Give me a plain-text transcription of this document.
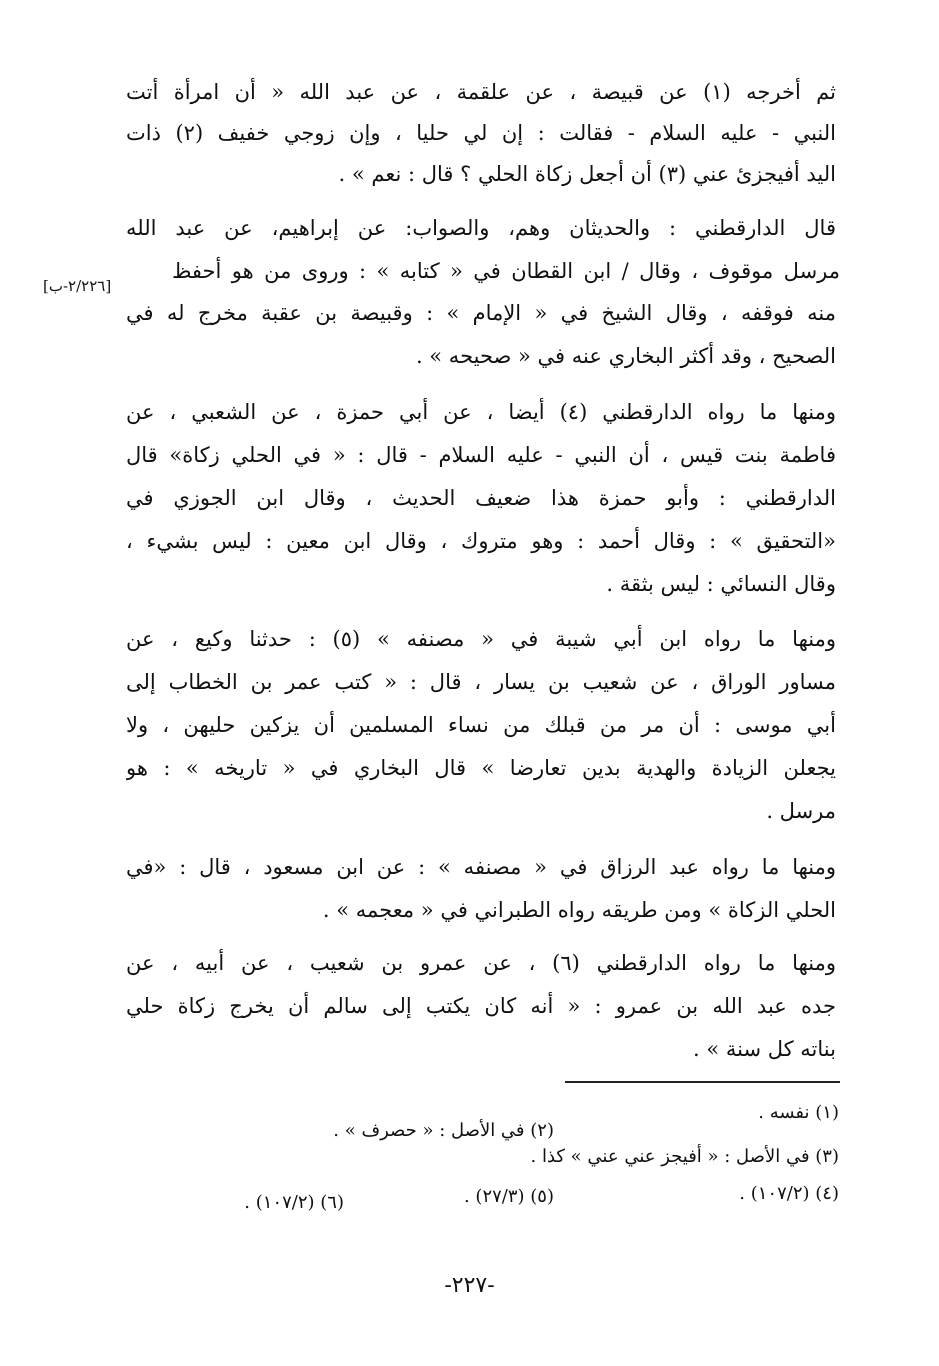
ثم أخرجه (١) عن قبيصة ، عن علقمة ، عن عبد الله « أن امرأة أتت
النبي - عليه السلام - فقالت : إن لي حليا ، وإن زوجي خفيف (٢) ذات
اليد أفيجزئ عني (٣) أن أجعل زكاة الحلي ؟ قال : نعم » .
قال الدارقطني : والحديثان وهم، والصواب: عن إبراهيم، عن عبد الله
مرسل موقوف ، وقال / ابن القطان في « كتابه » : وروى من هو أحفظ
منه فوقفه ، وقال الشيخ في « الإمام » : وقبيصة بن عقبة مخرج له في
الصحيح ، وقد أكثر البخاري عنه في « صحيحه » .
ومنها ما رواه الدارقطني (٤) أيضا ، عن أبي حمزة ، عن الشعبي ، عن
فاطمة بنت قيس ، أن النبي - عليه السلام - قال : « في الحلي زكاة» قال
الدارقطني : وأبو حمزة هذا ضعيف الحديث ، وقال ابن الجوزي في
«التحقيق » : وقال أحمد : وهو متروك ، وقال ابن معين : ليس بشيء ،
وقال النسائي : ليس بثقة .
ومنها ما رواه ابن أبي شيبة في « مصنفه » (٥) : حدثنا وكيع ، عن
مساور الوراق ، عن شعيب بن يسار ، قال : « كتب عمر بن الخطاب إلى
أبي موسى : أن مر من قبلك من نساء المسلمين أن يزكين حليهن ، ولا
يجعلن الزيادة والهدية بدين تعارضا » قال البخاري في « تاريخه » : هو
مرسل .
ومنها ما رواه عبد الرزاق في « مصنفه » : عن ابن مسعود ، قال : «في
الحلي الزكاة » ومن طريقه رواه الطبراني في « معجمه » .
ومنها ما رواه الدارقطني (٦) ، عن عمرو بن شعيب ، عن أبيه ، عن
جده عبد الله بن عمرو : « أنه كان يكتب إلى سالم أن يخرج زكاة حلي
بناته كل سنة » .
[٢/٢٢٦-ب]
(١) نفسه .
(٢) في الأصل : « حصرف » .
(٣) في الأصل : « أفيجز عني عني » كذا .
(٤) (١٠٧/٢) .
(٥) (٢٧/٣) .
(٦) (١٠٧/٢) .
-٢٢٧-
